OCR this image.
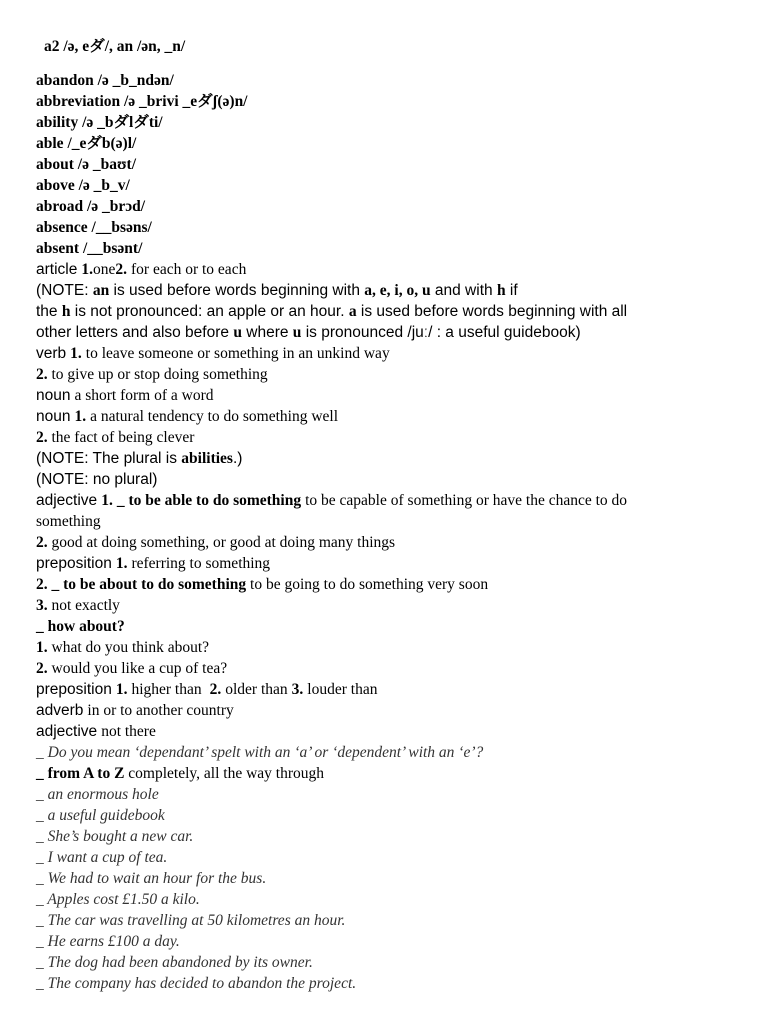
a2 /ə, eダ/, an /ən, _n/
abandon /ə _b_ndən/
abbreviation /ə _brivi _eダʃ(ə)n/
ability /ə _bダlダti/
able /_eダb(ə)l/
about /ə _baʊt/
above /ə _b_v/
abroad /ə _brɔd/
absence /__bsəns/
absent /__bsənt/
article 1.one2. for each or to each
(NOTE: an is used before words beginning with a, e, i, o, u and with h if
the h is not pronounced: an apple or an hour. a is used before words beginning with all
other letters and also before u where u is pronounced /juː/ : a useful guidebook)
verb 1. to leave someone or something in an unkind way
2. to give up or stop doing something
noun a short form of a word
noun 1. a natural tendency to do something well
2. the fact of being clever
(NOTE: The plural is abilities.)
(NOTE: no plural)
adjective 1. _ to be able to do something to be capable of something or have the chance to do
something
2. good at doing something, or good at doing many things
preposition 1. referring to something
2. _ to be about to do something to be going to do something very soon
3. not exactly
_ how about?
1. what do you think about?
2. would you like a cup of tea?
preposition 1. higher than 2. older than 3. louder than
adverb in or to another country
adjective not there
_ Do you mean ‘dependant’ spelt with an ‘a’ or ‘dependent’ with an ‘e’?
_ from A to Z completely, all the way through
_ an enormous hole
_ a useful guidebook
_ She’s bought a new car.
_ I want a cup of tea.
_ We had to wait an hour for the bus.
_ Apples cost £1.50 a kilo.
_ The car was travelling at 50 kilometres an hour.
_ He earns £100 a day.
_ The dog had been abandoned by its owner.
_ The company has decided to abandon the project.
